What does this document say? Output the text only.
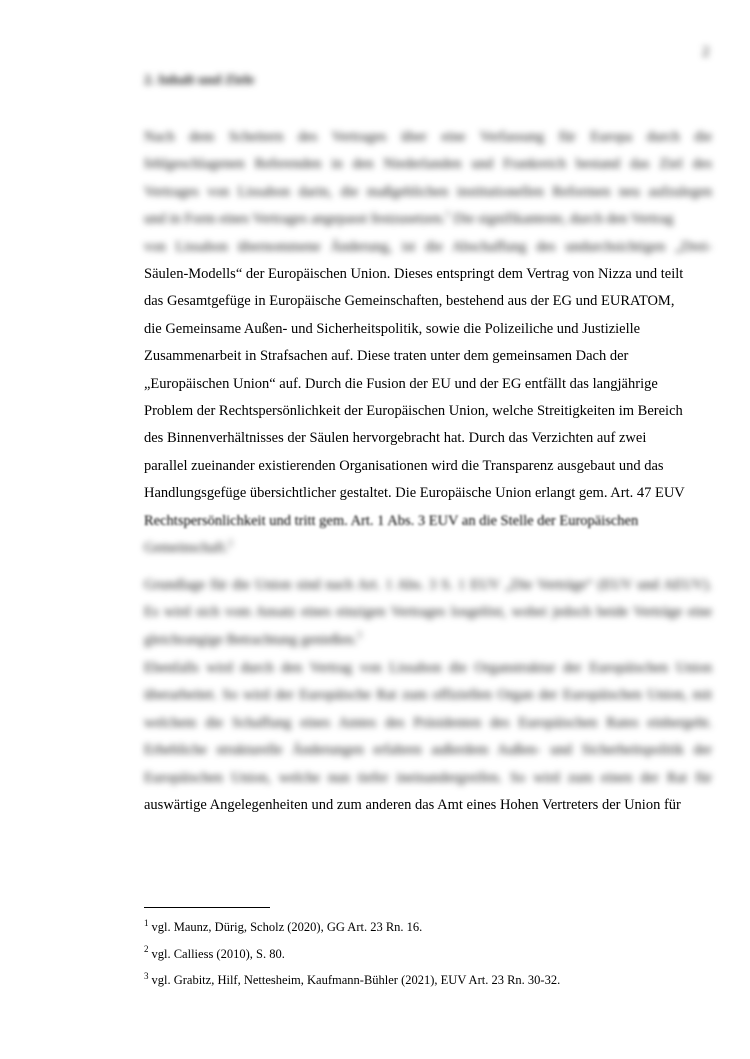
2
2. Inhalt und Ziele
Nach dem Scheitern des Vertrages über eine Verfassung für Europa durch die
fehlgeschlagenen Referenden in den Niederlanden und Frankreich bestand das Ziel des
Vertrages von Lissabon darin, die maßgeblichen institutionellen Reformen neu aufzulegen
und in Form eines Vertrages angepasst festzusetzen.$^1$ Die signifikanteste, durch den Vertrag
von Lissabon übernommene Änderung, ist die Abschaffung des undurchsichtigen „Drei-
Säulen-Modells“ der Europäischen Union. Dieses entspringt dem Vertrag von Nizza und teilt
das Gesamtgefüge in Europäische Gemeinschaften, bestehend aus der EG und EURATOM,
die Gemeinsame Außen- und Sicherheitspolitik, sowie die Polizeiliche und Justizielle
Zusammenarbeit in Strafsachen auf. Diese traten unter dem gemeinsamen Dach der
„Europäischen Union“ auf. Durch die Fusion der EU und der EG entfällt das langjährige
Problem der Rechtspersönlichkeit der Europäischen Union, welche Streitigkeiten im Bereich
des Binnenverhältnisses der Säulen hervorgebracht hat. Durch das Verzichten auf zwei
parallel zueinander existierenden Organisationen wird die Transparenz ausgebaut und das
Handlungsgefüge übersichtlicher gestaltet. Die Europäische Union erlangt gem. Art. 47 EUV
Rechtspersönlichkeit und tritt gem. Art. 1 Abs. 3 EUV an die Stelle der Europäischen
Gemeinschaft.$^2$
Grundlage für die Union sind nach Art. 1 Abs. 3 S. 1 EUV „Die Verträge“ (EUV und AEUV).
Es wird sich vom Ansatz eines einzigen Vertrages losgelöst, wobei jedoch beide Verträge eine
gleichrangige Betrachtung genießen.$^3$
Ebenfalls wird durch den Vertrag von Lissabon die Organstruktur der Europäischen Union
überarbeitet. So wird der Europäische Rat zum offiziellen Organ der Europäischen Union, mit
welchem die Schaffung eines Amtes des Präsidenten des Europäischen Rates einhergeht.
Erhebliche strukturelle Änderungen erfahren außerdem Außen- und Sicherheitspolitik der
Europäischen Union, welche nun tiefer ineinandergreifen. So wird zum einen der Rat für
auswärtige Angelegenheiten und zum anderen das Amt eines Hohen Vertreters der Union für
$^1$ vgl. Maunz, Dürig, Scholz (2020), GG Art. 23 Rn. 16.
$^2$ vgl. Calliess (2010), S. 80.
$^3$ vgl. Grabitz, Hilf, Nettesheim, Kaufmann-Bühler (2021), EUV Art. 23 Rn. 30-32.
